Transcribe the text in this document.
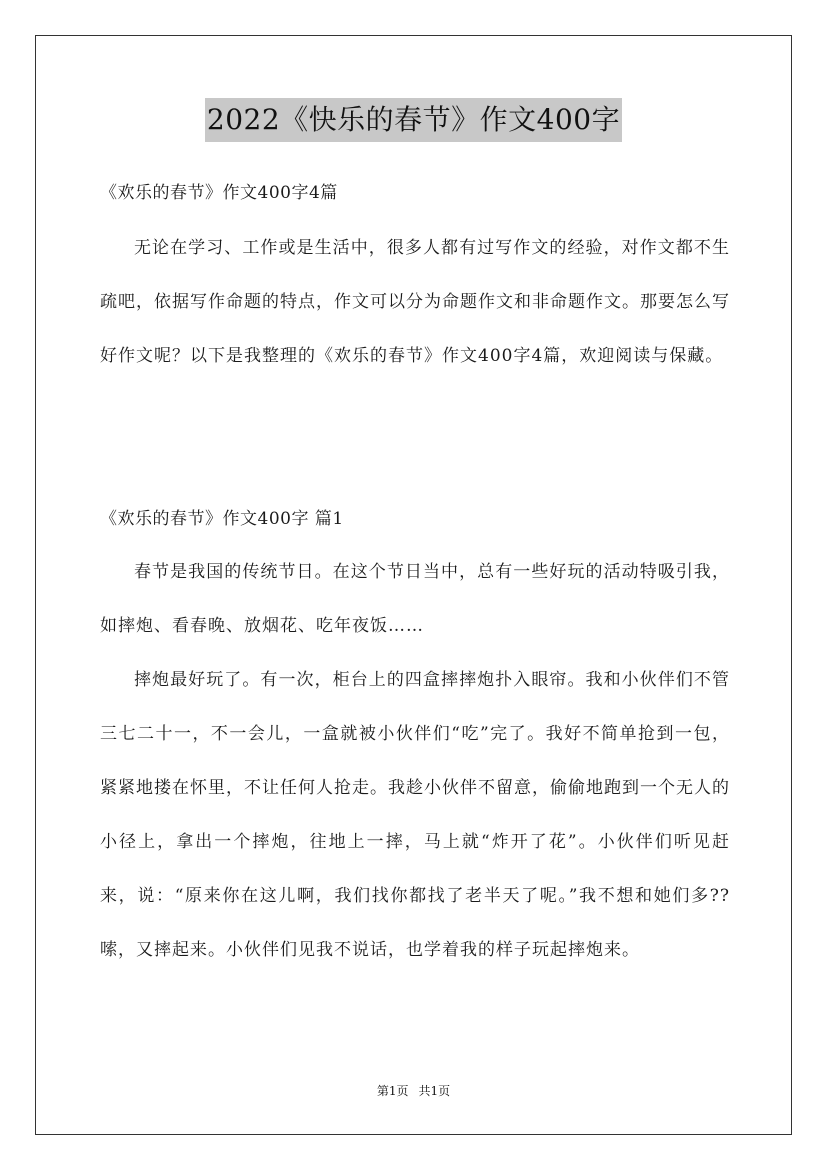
2022《快乐的春节》作文400字

《欢乐的春节》作文400字4篇

无论在学习、工作或是生活中，很多人都有过写作文的经验，对作文都不生疏吧，依据写作命题的特点，作文可以分为命题作文和非命题作文。那要怎么写好作文呢？以下是我整理的《欢乐的春节》作文400字4篇，欢迎阅读与保藏。

《欢乐的春节》作文400字 篇1

春节是我国的传统节日。在这个节日当中，总有一些好玩的活动特吸引我，如摔炮、看春晚、放烟花、吃年夜饭……

摔炮最好玩了。有一次，柜台上的四盒摔摔炮扑入眼帘。我和小伙伴们不管三七二十一，不一会儿，一盒就被小伙伴们“吃”完了。我好不简单抢到一包，紧紧地搂在怀里，不让任何人抢走。我趁小伙伴不留意，偷偷地跑到一个无人的小径上，拿出一个摔炮，往地上一摔，马上就“炸开了花”。小伙伴们听见赶来，说：“原来你在这儿啊，我们找你都找了老半天了呢。”我不想和她们多??嗦，又摔起来。小伙伴们见我不说话，也学着我的样子玩起摔炮来。

第1页 共1页
